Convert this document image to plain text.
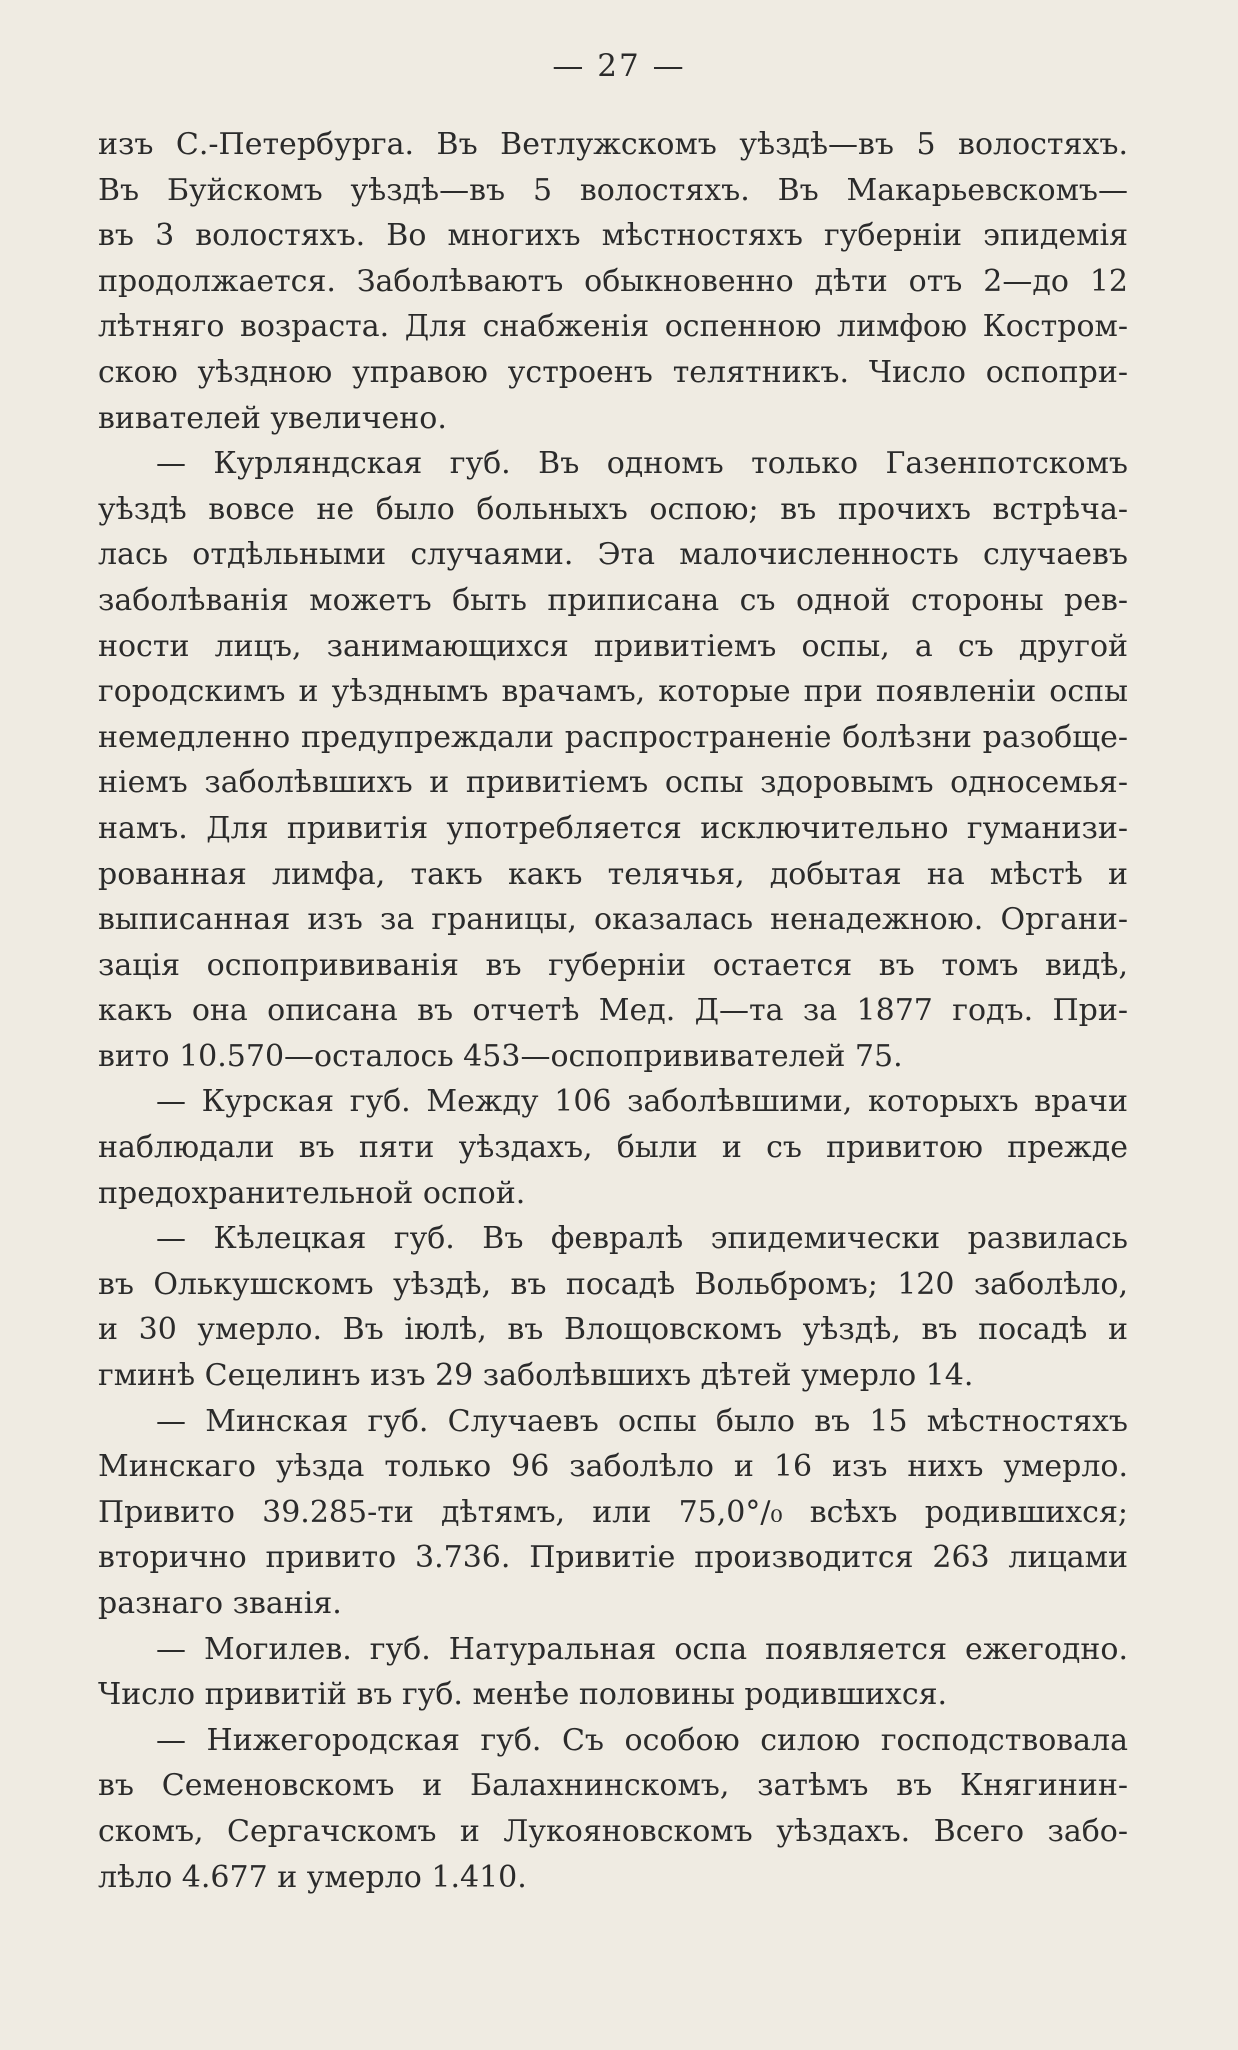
— 27 —
изъ С.-Петербурга. Въ Ветлужскомъ уѣздѣ—въ 5 волостяхъ.
Въ Буйскомъ уѣздѣ—въ 5 волостяхъ. Въ Макарьевскомъ—
въ 3 волостяхъ. Во многихъ мѣстностяхъ губерніи эпидемія
продолжается. Заболѣваютъ обыкновенно дѣти отъ 2—до 12
лѣтняго возраста. Для снабженія оспенною лимфою Костром-
скою уѣздною управою устроенъ телятникъ. Число оспопри-
вивателей увеличено.
— Курляндская губ. Въ одномъ только Газенпотскомъ
уѣздѣ вовсе не было больныхъ оспою; въ прочихъ встрѣча-
лась отдѣльными случаями. Эта малочисленность случаевъ
заболѣванія можетъ быть приписана съ одной стороны рев-
ности лицъ, занимающихся привитіемъ оспы, а съ другой
городскимъ и уѣзднымъ врачамъ, которые при появленіи оспы
немедленно предупреждали распространеніе болѣзни разобще-
ніемъ заболѣвшихъ и привитіемъ оспы здоровымъ односемья-
намъ. Для привитія употребляется исключительно гуманизи-
рованная лимфа, такъ какъ телячья, добытая на мѣстѣ и
выписанная изъ за границы, оказалась ненадежною. Органи-
зація оспопрививанія въ губерніи остается въ томъ видѣ,
какъ она описана въ отчетѣ Мед. Д—та за 1877 годъ. При-
вито 10.570—осталось 453—оспопрививателей 75.
— Курская губ. Между 106 заболѣвшими, которыхъ врачи
наблюдали въ пяти уѣздахъ, были и съ привитою прежде
предохранительной оспой.
— Кѣлецкая губ. Въ февралѣ эпидемически развилась
въ Олькушскомъ уѣздѣ, въ посадѣ Вольбромъ; 120 заболѣло,
и 30 умерло. Въ іюлѣ, въ Влощовскомъ уѣздѣ, въ посадѣ и
гминѣ Сецелинъ изъ 29 заболѣвшихъ дѣтей умерло 14.
— Минская губ. Случаевъ оспы было въ 15 мѣстностяхъ
Минскаго уѣзда только 96 заболѣло и 16 изъ нихъ умерло.
Привито 39.285-ти дѣтямъ, или 75,0°/₀ всѣхъ родившихся;
вторично привито 3.736. Привитіе производится 263 лицами
разнаго званія.
— Могилев. губ. Натуральная оспа появляется ежегодно.
Число привитій въ губ. менѣе половины родившихся.
— Нижегородская губ. Съ особою силою господствовала
въ Семеновскомъ и Балахнинскомъ, затѣмъ въ Княгинин-
скомъ, Сергачскомъ и Лукояновскомъ уѣздахъ. Всего забо-
лѣло 4.677 и умерло 1.410.
